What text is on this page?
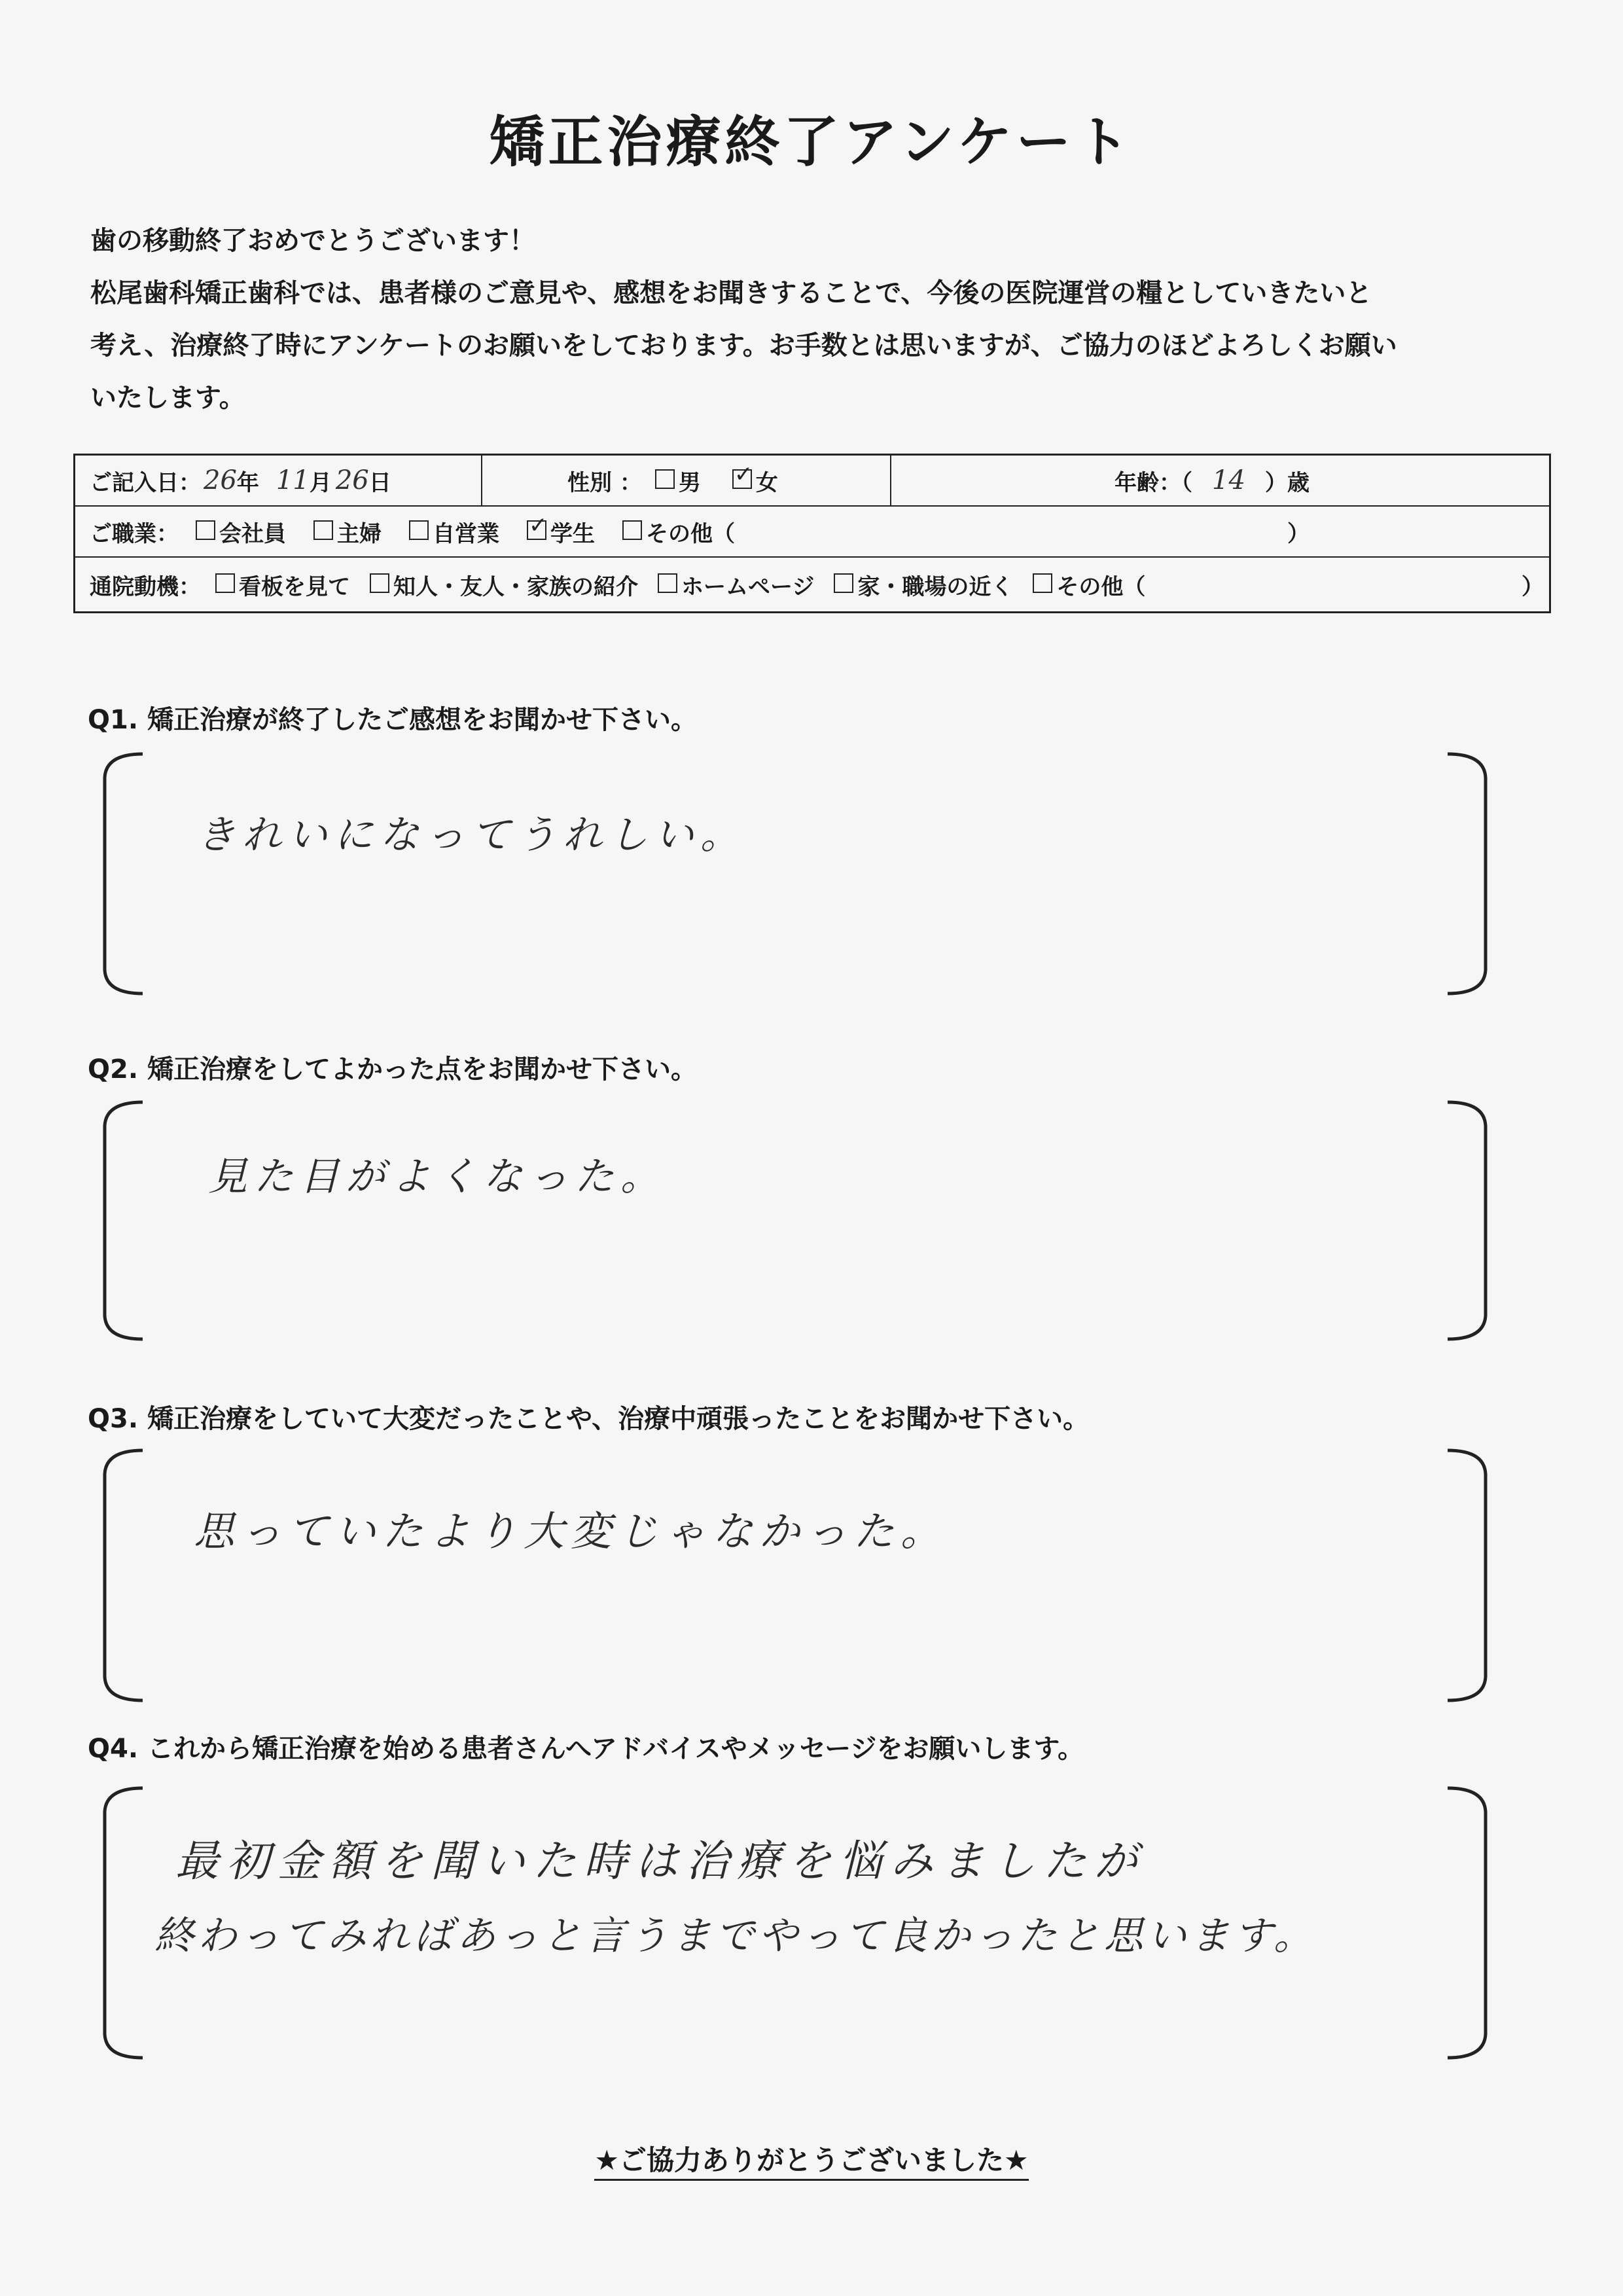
矯正治療終了アンケート
歯の移動終了おめでとうございます！
松尾歯科矯正歯科では、患者様のご意見や、感想をお聞きすることで、今後の医院運営の糧としていきたいと
考え、治療終了時にアンケートのお願いをしております。お手数とは思いますが、ご協力のほどよろしくお願い
いたします。
ご記入日： 26 年 11 月 26 日	性別 ： 男 ✓ 女	年齢：（ 14 ）歳
ご職業： 会社員 主婦 自営業 ✓ 学生 その他（	）
通院動機： 看板を見て 知人・友人・家族の紹介 ホームページ 家・職場の近く その他（	）
Q1. 矯正治療が終了したご感想をお聞かせ下さい。
きれいになってうれしい。
Q2. 矯正治療をしてよかった点をお聞かせ下さい。
見た目がよくなった。
Q3. 矯正治療をしていて大変だったことや、治療中頑張ったことをお聞かせ下さい。
思っていたより大変じゃなかった。
Q4. これから矯正治療を始める患者さんへアドバイスやメッセージをお願いします。
最初金額を聞いた時は治療を悩みましたが
終わってみればあっと言うまでやって良かったと思います。
★ご協力ありがとうございました★
